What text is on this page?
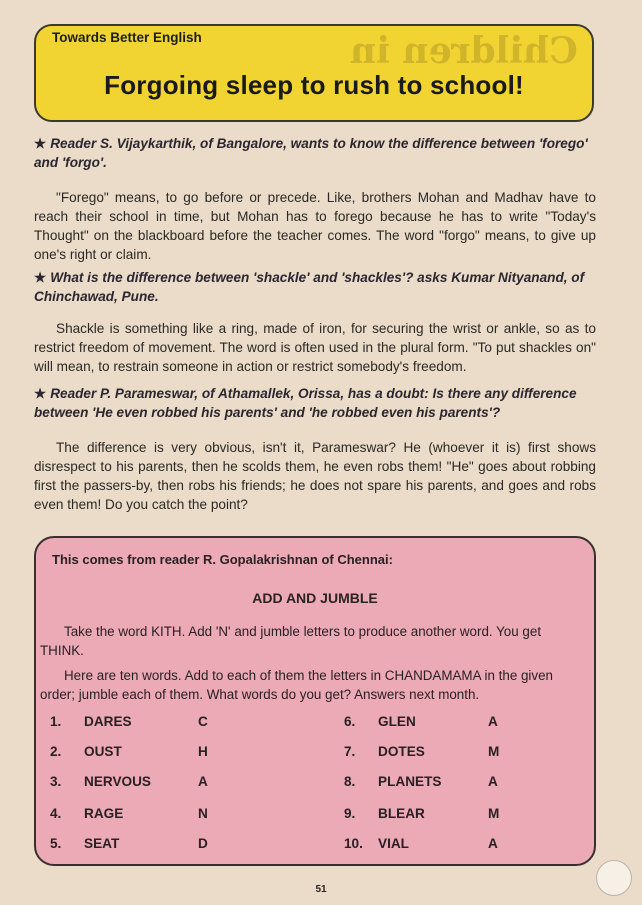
Children in
Towards Better English
Forgoing sleep to rush to school!
★ Reader S. Vijaykarthik, of Bangalore, wants to know the difference between 'forego' and 'forgo'.
"Forego" means, to go before or precede. Like, brothers Mohan and Madhav have to reach their school in time, but Mohan has to forego because he has to write "Today's Thought" on the blackboard before the teacher comes. The word "forgo" means, to give up one's right or claim.
★ What is the difference between 'shackle' and 'shackles'? asks Kumar Nityanand, of Chinchawad, Pune.
Shackle is something like a ring, made of iron, for securing the wrist or ankle, so as to restrict freedom of movement. The word is often used in the plural form. "To put shackles on" will mean, to restrain someone in action or restrict somebody's freedom.
★ Reader P. Parameswar, of Athamallek, Orissa, has a doubt: Is there any difference between 'He even robbed his parents' and 'he robbed even his parents'?
The difference is very obvious, isn't it, Parameswar? He (whoever it is) first shows disrespect to his parents, then he scolds them, he even robs them! "He" goes about robbing first the passers-by, then robs his friends; he does not spare his parents, and goes and robs even them! Do you catch the point?
This comes from reader R. Gopalakrishnan of Chennai:
ADD AND JUMBLE
Take the word KITH. Add 'N' and jumble letters to produce another word. You get THINK.
Here are ten words. Add to each of them the letters in CHANDAMAMA in the given order; jumble each of them. What words do you get? Answers next month.
1. DARES	C
2. OUST	H
3. NERVOUS	A
4. RAGE	N
5. SEAT	D
6. GLEN	A
7. DOTES	M
8. PLANETS	A
9. BLEAR	M
10. VIAL	A
51
